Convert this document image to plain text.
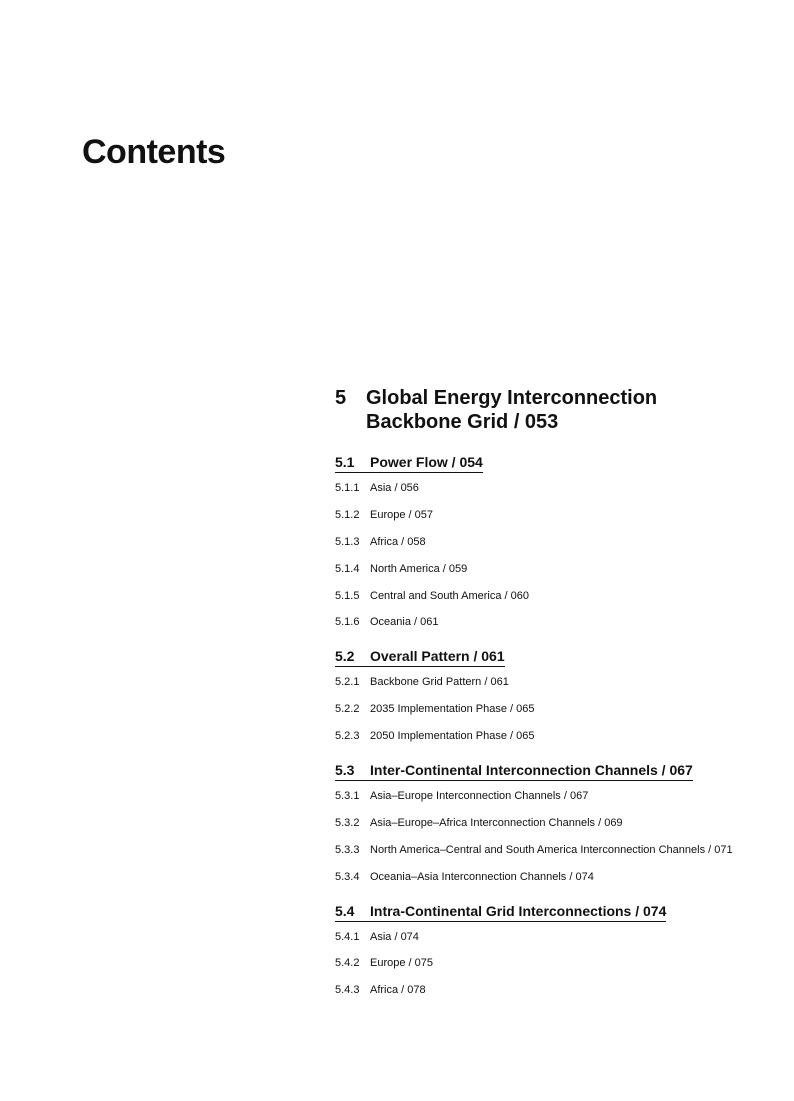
Contents
5 Global Energy Interconnection Backbone Grid / 053
5.1	Power Flow / 054
5.1.1 Asia / 056
5.1.2 Europe / 057
5.1.3 Africa / 058
5.1.4 North America / 059
5.1.5 Central and South America / 060
5.1.6 Oceania / 061
5.2	Overall Pattern / 061
5.2.1 Backbone Grid Pattern / 061
5.2.2 2035 Implementation Phase / 065
5.2.3 2050 Implementation Phase / 065
5.3	Inter-Continental Interconnection Channels / 067
5.3.1 Asia–Europe Interconnection Channels / 067
5.3.2 Asia–Europe–Africa Interconnection Channels / 069
5.3.3 North America–Central and South America Interconnection Channels / 071
5.3.4 Oceania–Asia Interconnection Channels / 074
5.4	Intra-Continental Grid Interconnections / 074
5.4.1 Asia / 074
5.4.2 Europe / 075
5.4.3 Africa / 078
